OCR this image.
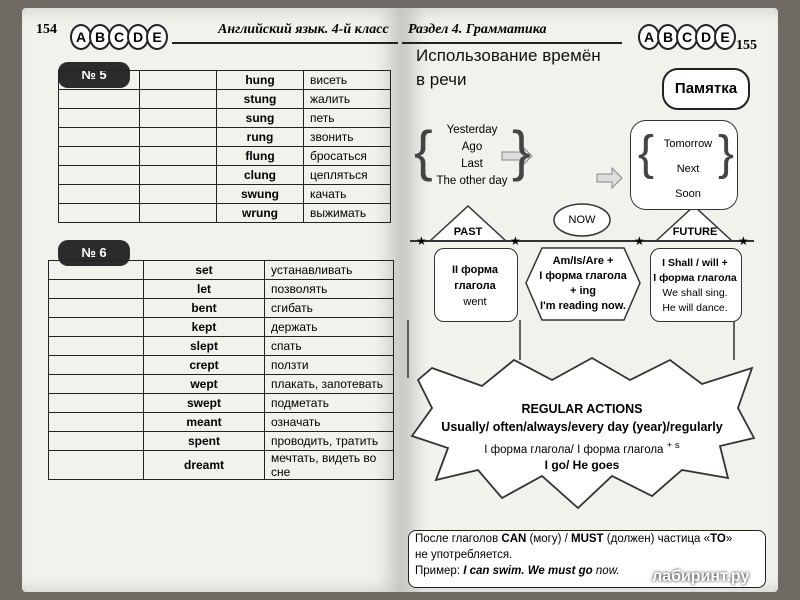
154	A B C D E	Английский язык. 4-й класс
№ 5
			hung	висеть
		stung	жалить
		sung	петь
		rung	звонить
		flung	бросаться
		clung	цепляться
		swung	качать
		wrung	выжимать
№ 6
	set	устанавливать
	let	позволять
	bent	сгибать
	kept	держать
	slept	спать
	crept	ползти
	wept	плакать, запотевать
	swept	подметать
	meant	означать
	spent	проводить, тратить
	dreamt	мечтать, видеть во сне
Раздел 4. Грамматика	A B C D E
155
Использование времён
в речи	Памятка
★	★	★	★
{ }
Yesterday
Ago
Last
The other day
{ }
Tomorrow
Next
Soon
PAST
NOW
FUTURE
II форма
глагола
went
Am/Is/Are +
I форма глагола
+ ing
I'm reading now.
I Shall / will +
I форма глагола
We shall sing.
He will dance.
REGULAR ACTIONS
Usually/ often/always/every day (year)/regularly
I форма глагола/ I форма глагола $^{+ s}$
I go/ He goes
После глаголов CAN (могу) / MUST (должен) частица «TO»
не употребляется.
Пример: I can swim. We must go now.	лабиринт.ру
